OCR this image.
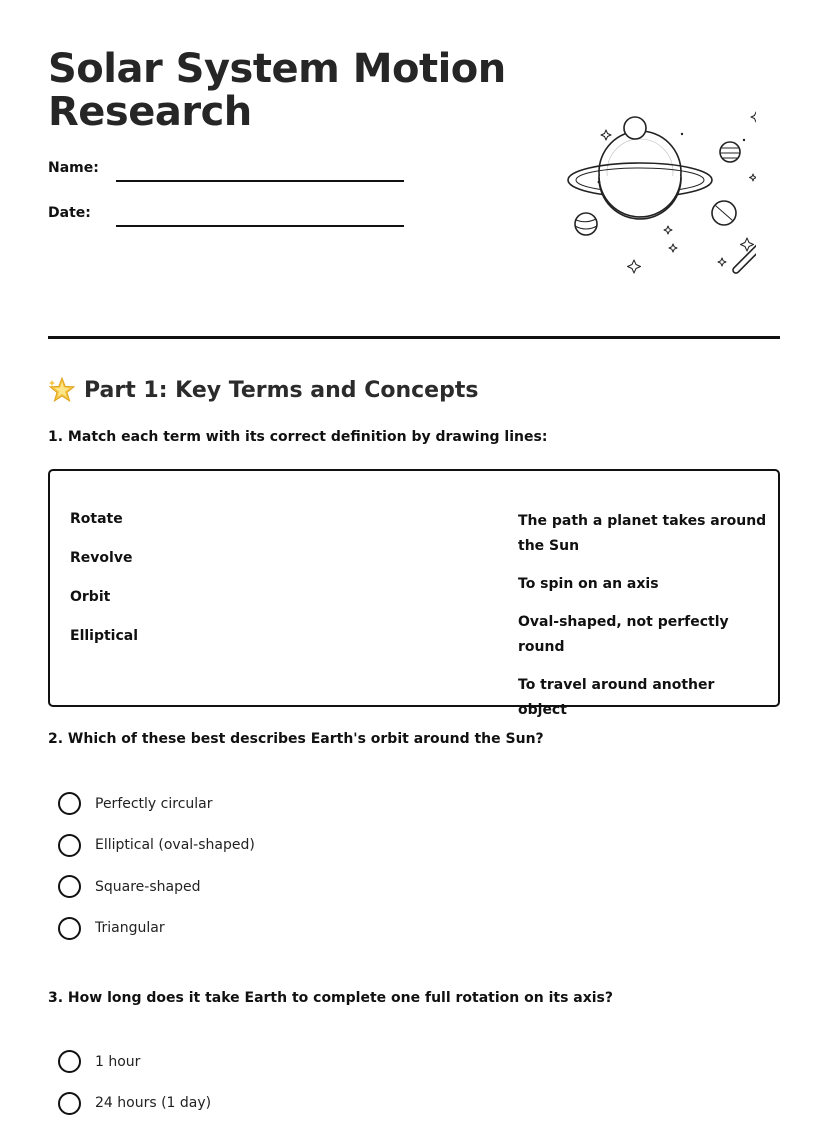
Solar System Motion Research
Name:
Date:
Part 1: Key Terms and Concepts

1. Match each term with its correct definition by drawing lines:

Rotate
Revolve
Orbit
Elliptical
The path a planet takes around the Sun
To spin on an axis
Oval-shaped, not perfectly round
To travel around another object

2. Which of these best describes Earth's orbit around the Sun?

Perfectly circular
Elliptical (oval-shaped)
Square-shaped
Triangular

3. How long does it take Earth to complete one full rotation on its axis?

1 hour
24 hours (1 day)
